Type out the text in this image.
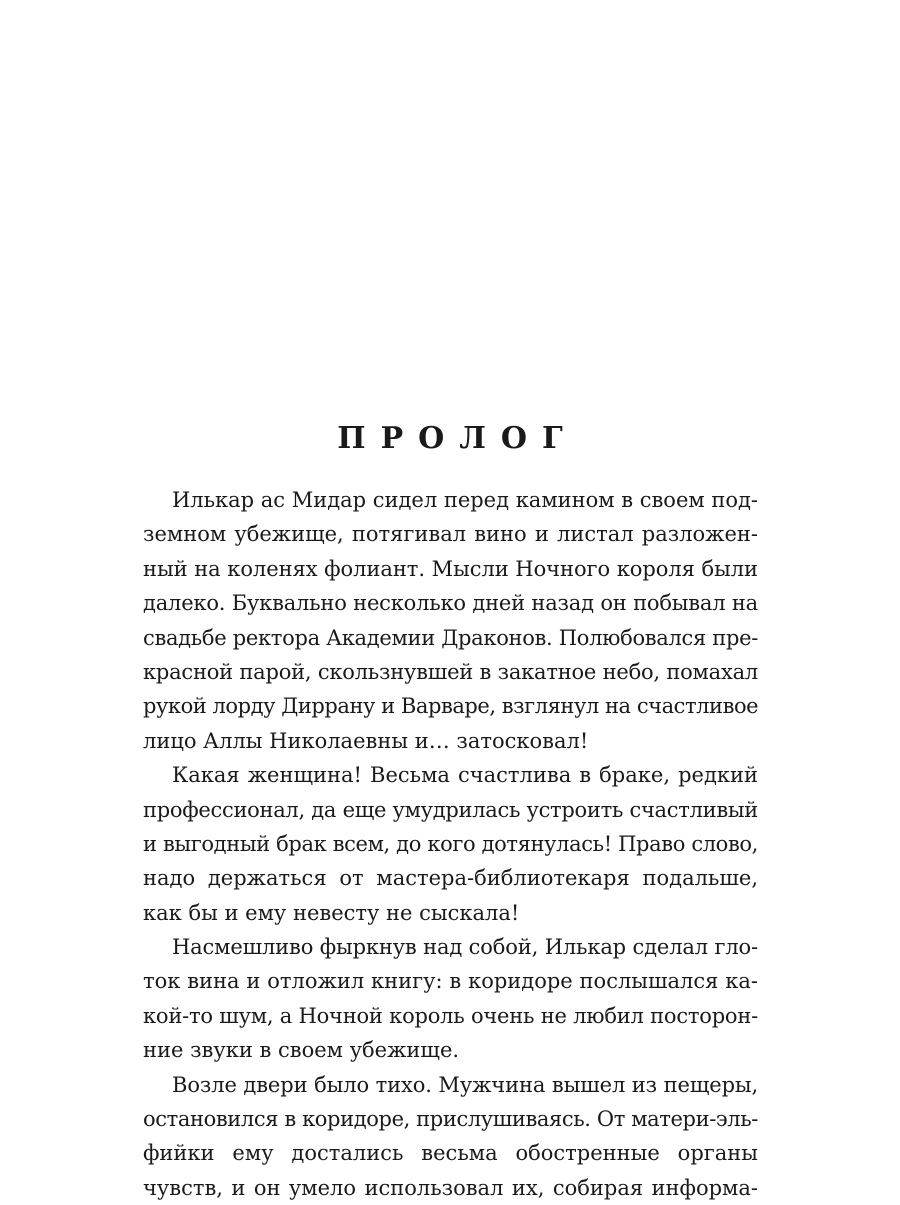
ПРОЛОГ
Илькар ас Мидар сидел перед камином в своем под-
земном убежище, потягивал вино и листал разложен-
ный на коленях фолиант. Мысли Ночного короля были
далеко. Буквально несколько дней назад он побывал на
свадьбе ректора Академии Драконов. Полюбовался пре-
красной парой, скользнувшей в закатное небо, помахал
рукой лорду Диррану и Варваре, взглянул на счастливое
лицо Аллы Николаевны и… затосковал!
Какая женщина! Весьма счастлива в браке, редкий
профессионал, да еще умудрилась устроить счастливый
и выгодный брак всем, до кого дотянулась! Право слово,
надо держаться от мастера-библиотекаря подальше,
как бы и ему невесту не сыскала!
Насмешливо фыркнув над собой, Илькар сделал гло-
ток вина и отложил книгу: в коридоре послышался ка-
кой-то шум, а Ночной король очень не любил посторон-
ние звуки в своем убежище.
Возле двери было тихо. Мужчина вышел из пещеры,
остановился в коридоре, прислушиваясь. От матери-эль-
фийки ему достались весьма обостренные органы
чувств, и он умело использовал их, собирая информа-
